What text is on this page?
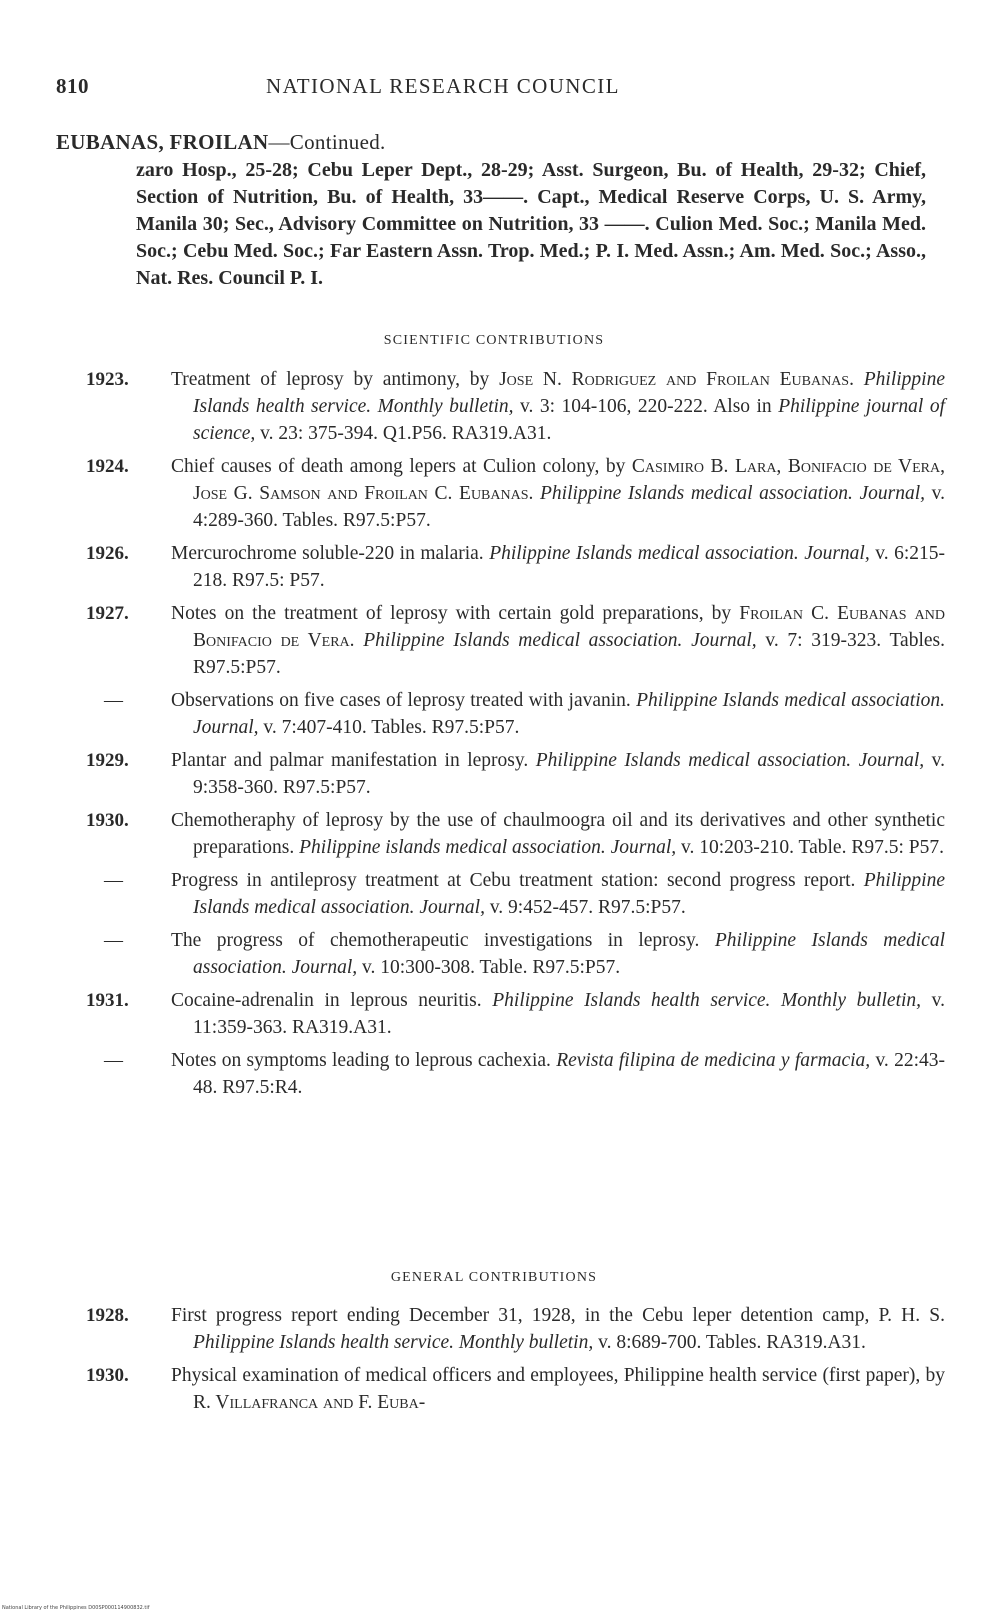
810	NATIONAL RESEARCH COUNCIL
EUBANAS, FROILAN—Continued.
zaro Hosp., 25-28; Cebu Leper Dept., 28-29; Asst. Surgeon, Bu. of Health, 29-32; Chief, Section of Nutrition, Bu. of Health, 33——. Capt., Medical Reserve Corps, U. S. Army, Manila 30; Sec., Advisory Committee on Nutrition, 33 ——. Culion Med. Soc.; Manila Med. Soc.; Cebu Med. Soc.; Far Eastern Assn. Trop. Med.; P. I. Med. Assn.; Am. Med. Soc.; Asso., Nat. Res. Council P. I.
SCIENTIFIC CONTRIBUTIONS
1923.	Treatment of leprosy by antimony, by Jose N. Rodriguez and Froilan Eubanas. Philippine Islands health service. Monthly bulletin, v. 3: 104-106, 220-222. Also in Philippine journal of science, v. 23: 375-394. Q1.P56. RA319.A31.
1924.	Chief causes of death among lepers at Culion colony, by Casimiro B. Lara, Bonifacio de Vera, Jose G. Samson and Froilan C. Eubanas. Philippine Islands medical association. Journal, v. 4:289-360. Tables. R97.5:P57.
1926.	Mercurochrome soluble-220 in malaria. Philippine Islands medical association. Journal, v. 6:215-218. R97.5: P57.
1927.	Notes on the treatment of leprosy with certain gold preparations, by Froilan C. Eubanas and Bonifacio de Vera. Philippine Islands medical association. Journal, v. 7: 319-323. Tables. R97.5:P57.
— Observations on five cases of leprosy treated with javanin. Philippine Islands medical association. Journal, v. 7:407-410. Tables. R97.5:P57.
1929.	Plantar and palmar manifestation in leprosy. Philippine Islands medical association. Journal, v. 9:358-360. R97.5:P57.
1930.	Chemotheraphy of leprosy by the use of chaulmoogra oil and its derivatives and other synthetic preparations. Philippine islands medical association. Journal, v. 10:203-210. Table. R97.5: P57.
— Progress in antileprosy treatment at Cebu treatment station: second progress report. Philippine Islands medical association. Journal, v. 9:452-457. R97.5:P57.
— The progress of chemotherapeutic investigations in leprosy. Philippine Islands medical association. Journal, v. 10:300-308. Table. R97.5:P57.
1931.	Cocaine-adrenalin in leprous neuritis. Philippine Islands health service. Monthly bulletin, v. 11:359-363. RA319.A31.
— Notes on symptoms leading to leprous cachexia. Revista filipina de medicina y farmacia, v. 22:43-48. R97.5:R4.
GENERAL CONTRIBUTIONS
1928.	First progress report ending December 31, 1928, in the Cebu leper detention camp, P. H. S. Philippine Islands health service. Monthly bulletin, v. 8:689-700. Tables. RA319.A31.
1930.	Physical examination of medical officers and employees, Philippine health service (first paper), by R. Villafranca and F. Euba-
National Library of the Philippines D00SP000114900832.tif
